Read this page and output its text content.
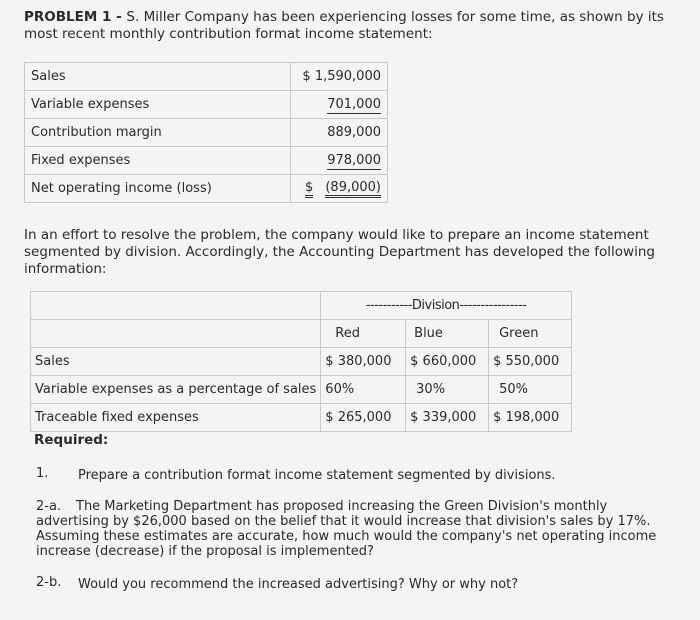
PROBLEM 1 - S. Miller Company has been experiencing losses for some time, as shown by its most recent monthly contribution format income statement:
Sales	$ 1,590,000
Variable expenses	701,000
Contribution margin	889,000
Fixed expenses	978,000
Net operating income (loss)	$ (89,000)
In an effort to resolve the problem, the company would like to prepare an income statement segmented by division. Accordingly, the Accounting Department has developed the following information:
	-----------Division----------------		
	Red	Blue	Green
Sales	$ 380,000	$ 660,000	$ 550,000
Variable expenses as a percentage of sales	60%	30%	50%
Traceable fixed expenses	$ 265,000	$ 339,000	$ 198,000
Required:
1. Prepare a contribution format income statement segmented by divisions.
2-a.	The Marketing Department has proposed increasing the Green Division's monthly advertising by $26,000 based on the belief that it would increase that division's sales by 17%. Assuming these estimates are accurate, how much would the company's net operating income increase (decrease) if the proposal is implemented?
2-b. Would you recommend the increased advertising? Why or why not?
